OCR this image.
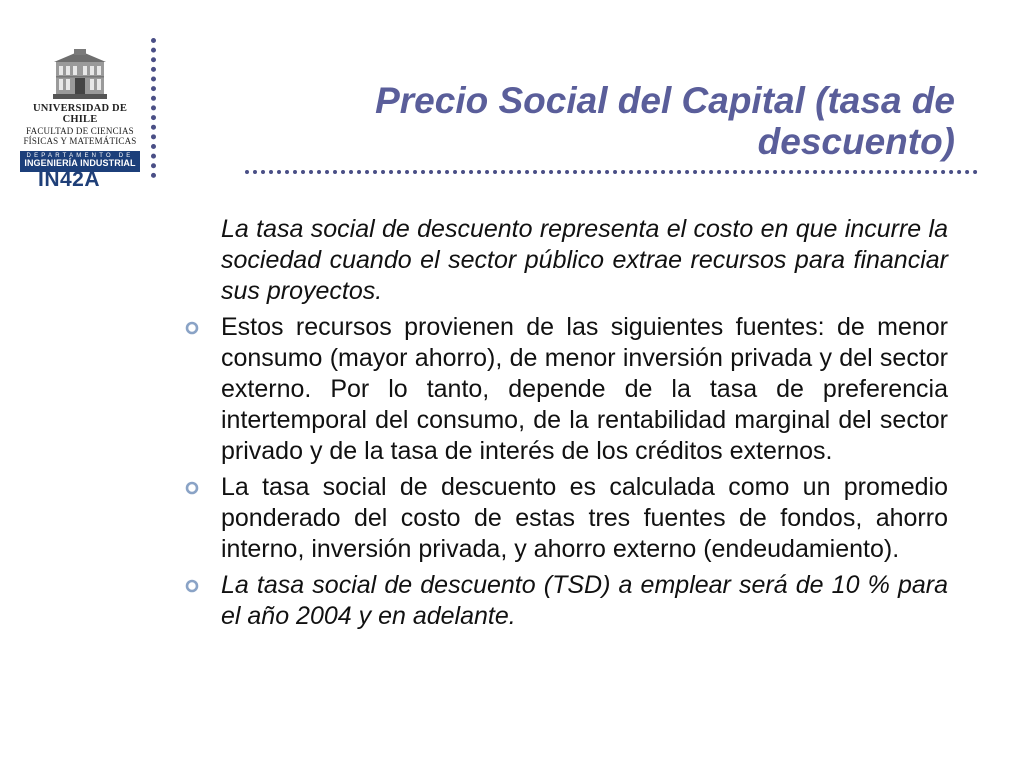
UNIVERSIDAD DE CHILE
FACULTAD DE CIENCIAS
FÍSICAS Y MATEMÁTICAS
DEPARTAMENTO DE
INGENIERÍA INDUSTRIAL
IN42A
Precio Social del Capital (tasa de descuento)
La tasa social de descuento representa el costo en que incurre la sociedad cuando el sector público extrae recursos para financiar sus proyectos.
Estos recursos provienen de las siguientes fuentes: de menor consumo (mayor ahorro), de menor inversión privada y del sector externo. Por lo tanto, depende de la tasa de preferencia intertemporal del consumo, de la rentabilidad marginal del sector privado y de la tasa de interés de los créditos externos.
La tasa social de descuento es calculada como un promedio ponderado del costo de estas tres fuentes de fondos, ahorro interno, inversión privada, y ahorro externo (endeudamiento).
La tasa social de descuento (TSD) a emplear será de 10 % para el año 2004 y en adelante.
